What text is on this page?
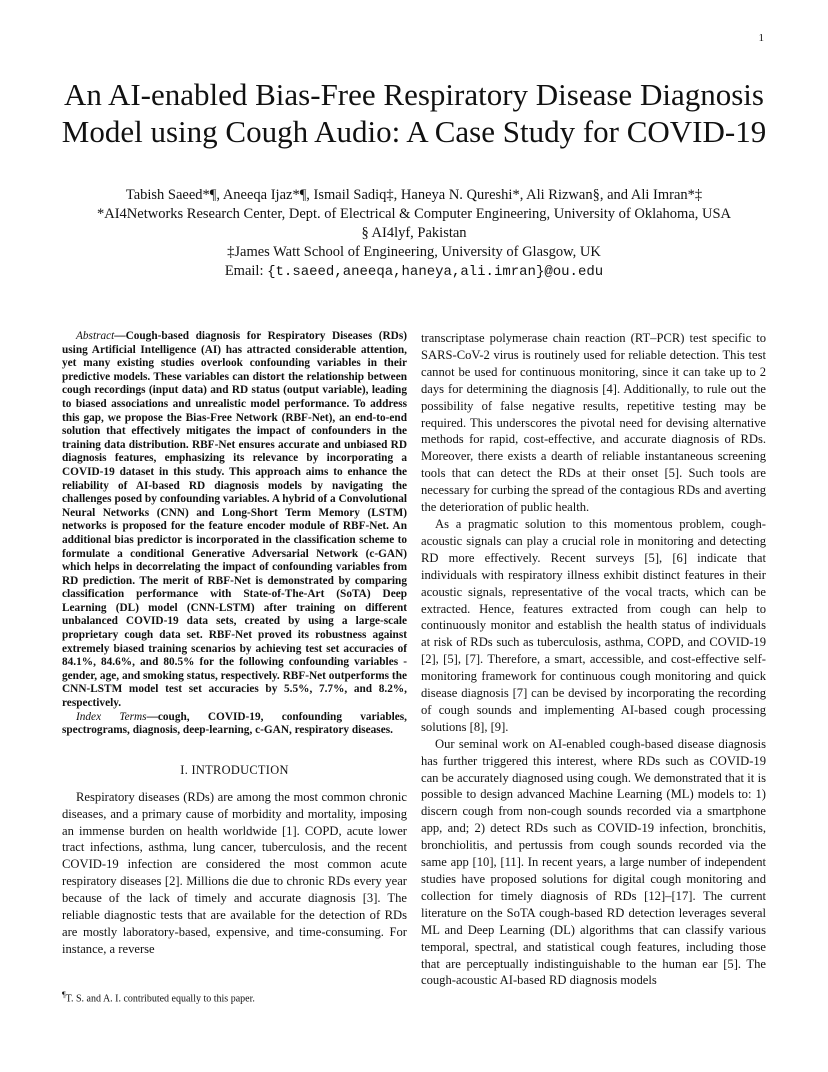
1
An AI-enabled Bias-Free Respiratory Disease Diagnosis Model using Cough Audio: A Case Study for COVID-19
Tabish Saeed*¶, Aneeqa Ijaz*¶, Ismail Sadiq‡, Haneya N. Qureshi*, Ali Rizwan§, and Ali Imran*‡
*AI4Networks Research Center, Dept. of Electrical & Computer Engineering, University of Oklahoma, USA
§ AI4lyf, Pakistan
‡James Watt School of Engineering, University of Glasgow, UK
Email: {t.saeed,aneeqa,haneya,ali.imran}@ou.edu

Abstract—Cough-based diagnosis for Respiratory Diseases (RDs) using Artificial Intelligence (AI) has attracted considerable attention, yet many existing studies overlook confounding variables in their predictive models. These variables can distort the relationship between cough recordings (input data) and RD status (output variable), leading to biased associations and unrealistic model performance. To address this gap, we propose the Bias-Free Network (RBF-Net), an end-to-end solution that effectively mitigates the impact of confounders in the training data distribution. RBF-Net ensures accurate and unbiased RD diagnosis features, emphasizing its relevance by incorporating a COVID-19 dataset in this study. This approach aims to enhance the reliability of AI-based RD diagnosis models by navigating the challenges posed by confounding variables. A hybrid of a Convolutional Neural Networks (CNN) and Long-Short Term Memory (LSTM) networks is proposed for the feature encoder module of RBF-Net. An additional bias predictor is incorporated in the classification scheme to formulate a conditional Generative Adversarial Network (c-GAN) which helps in decorrelating the impact of confounding variables from RD prediction. The merit of RBF-Net is demonstrated by comparing classification performance with State-of-The-Art (SoTA) Deep Learning (DL) model (CNN-LSTM) after training on different unbalanced COVID-19 data sets, created by using a large-scale proprietary cough data set. RBF-Net proved its robustness against extremely biased training scenarios by achieving test set accuracies of 84.1%, 84.6%, and 80.5% for the following confounding variables - gender, age, and smoking status, respectively. RBF-Net outperforms the CNN-LSTM model test set accuracies by 5.5%, 7.7%, and 8.2%, respectively.

Index Terms—cough, COVID-19, confounding variables, spectrograms, diagnosis, deep-learning, c-GAN, respiratory diseases.

I. INTRODUCTION

Respiratory diseases (RDs) are among the most common chronic diseases, and a primary cause of morbidity and mortality, imposing an immense burden on health worldwide [1]. COPD, acute lower tract infections, asthma, lung cancer, tuberculosis, and the recent COVID-19 infection are considered the most common acute respiratory diseases [2]. Millions die due to chronic RDs every year because of the lack of timely and accurate diagnosis [3]. The reliable diagnostic tests that are available for the detection of RDs are mostly laboratory-based, expensive, and time-consuming. For instance, a reverse

transcriptase polymerase chain reaction (RT–PCR) test specific to SARS-CoV-2 virus is routinely used for reliable detection. This test cannot be used for continuous monitoring, since it can take up to 2 days for determining the diagnosis [4]. Additionally, to rule out the possibility of false negative results, repetitive testing may be required. This underscores the pivotal need for devising alternative methods for rapid, cost-effective, and accurate diagnosis of RDs. Moreover, there exists a dearth of reliable instantaneous screening tools that can detect the RDs at their onset [5]. Such tools are necessary for curbing the spread of the contagious RDs and averting the deterioration of public health.

As a pragmatic solution to this momentous problem, cough-acoustic signals can play a crucial role in monitoring and detecting RD more effectively. Recent surveys [5], [6] indicate that individuals with respiratory illness exhibit distinct features in their acoustic signals, representative of the vocal tracts, which can be extracted. Hence, features extracted from cough can help to continuously monitor and establish the health status of individuals at risk of RDs such as tuberculosis, asthma, COPD, and COVID-19 [2], [5], [7]. Therefore, a smart, accessible, and cost-effective self-monitoring framework for continuous cough monitoring and quick disease diagnosis [7] can be devised by incorporating the recording of cough sounds and implementing AI-based cough processing solutions [8], [9].

Our seminal work on AI-enabled cough-based disease diagnosis has further triggered this interest, where RDs such as COVID-19 can be accurately diagnosed using cough. We demonstrated that it is possible to design advanced Machine Learning (ML) models to: 1) discern cough from non-cough sounds recorded via a smartphone app, and; 2) detect RDs such as COVID-19 infection, bronchitis, bronchiolitis, and pertussis from cough sounds recorded via the same app [10], [11]. In recent years, a large number of independent studies have proposed solutions for digital cough monitoring and collection for timely diagnosis of RDs [12]–[17]. The current literature on the SoTA cough-based RD detection leverages several ML and Deep Learning (DL) algorithms that can classify various temporal, spectral, and statistical cough features, including those that are perceptually indistinguishable to the human ear [5]. The cough-acoustic AI-based RD diagnosis models

¶T. S. and A. I. contributed equally to this paper.
